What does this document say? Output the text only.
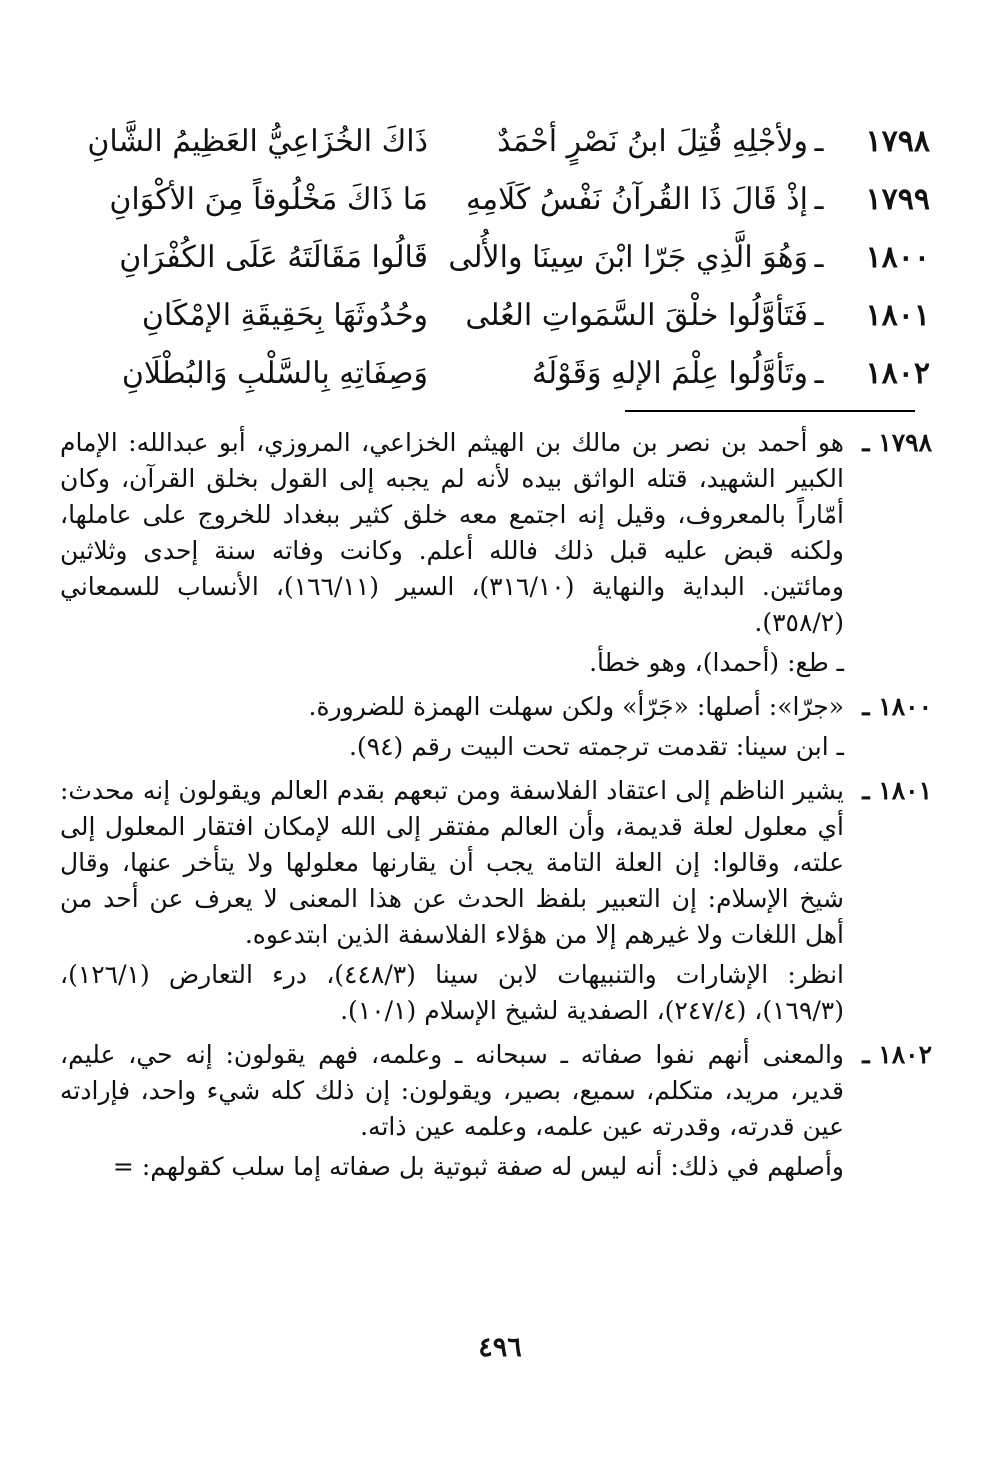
١٧٩٨
ـ
ولأجْلِهِ قُتِلَ ابنُ نَصْرٍ أحْمَدٌ
ذَاكَ الخُزَاعِيُّ العَظِيمُ الشَّانِ
١٧٩٩
ـ
إذْ قَالَ ذَا القُرآنُ نَفْسُ كَلَامِهِ
مَا ذَاكَ مَخْلُوقاً مِنَ الأكْوَانِ
١٨٠٠
ـ
وَهُوَ الَّذِي جَرّا ابْنَ سِينَا والأُلى
قَالُوا مَقَالَتَهُ عَلَى الكُفْرَانِ
١٨٠١
ـ
فَتَأوَّلُوا خلْقَ السَّمَواتِ العُلى
وحُدُوثَهَا بِحَقِيقَةِ الإمْكَانِ
١٨٠٢
ـ
وتَأوَّلُوا عِلْمَ الإلهِ وَقَوْلَهُ
وَصِفَاتِهِ بِالسَّلْبِ وَالبُطْلَانِ
١٧٩٨ ـ

هو أحمد بن نصر بن مالك بن الهيثم الخزاعي، المروزي، أبو عبدالله: الإمام الكبير الشهيد، قتله الواثق بيده لأنه لم يجبه إلى القول بخلق القرآن، وكان أمّاراً بالمعروف، وقيل إنه اجتمع معه خلق كثير ببغداد للخروج على عاملها، ولكنه قبض عليه قبل ذلك فالله أعلم. وكانت وفاته سنة إحدى وثلاثين ومائتين. البداية والنهاية (٣١٦/١٠)، السير (١٦٦/١١)، الأنساب للسمعاني (٣٥٨/٢).

ـ طع: (أحمدا)، وهو خطأ.

١٨٠٠ ـ

«جرّا»: أصلها: «جَرّأ» ولكن سهلت الهمزة للضرورة.

ـ ابن سينا: تقدمت ترجمته تحت البيت رقم (٩٤).

١٨٠١ ـ

يشير الناظم إلى اعتقاد الفلاسفة ومن تبعهم بقدم العالم ويقولون إنه محدث: أي معلول لعلة قديمة، وأن العالم مفتقر إلى الله لإمكان افتقار المعلول إلى علته، وقالوا: إن العلة التامة يجب أن يقارنها معلولها ولا يتأخر عنها، وقال شيخ الإسلام: إن التعبير بلفظ الحدث عن هذا المعنى لا يعرف عن أحد من أهل اللغات ولا غيرهم إلا من هؤلاء الفلاسفة الذين ابتدعوه.

انظر: الإشارات والتنبيهات لابن سينا (٤٤٨/٣)، درء التعارض (١٢٦/١)، (١٦٩/٣)، (٢٤٧/٤)، الصفدية لشيخ الإسلام (١٠/١).

١٨٠٢ ـ

والمعنى أنهم نفوا صفاته ـ سبحانه ـ وعلمه، فهم يقولون: إنه حي، عليم، قدير، مريد، متكلم، سميع، بصير، ويقولون: إن ذلك كله شيء واحد، فإرادته عين قدرته، وقدرته عين علمه، وعلمه عين ذاته.

وأصلهم في ذلك: أنه ليس له صفة ثبوتية بل صفاته إما سلب كقولهم: =

٤٩٦
